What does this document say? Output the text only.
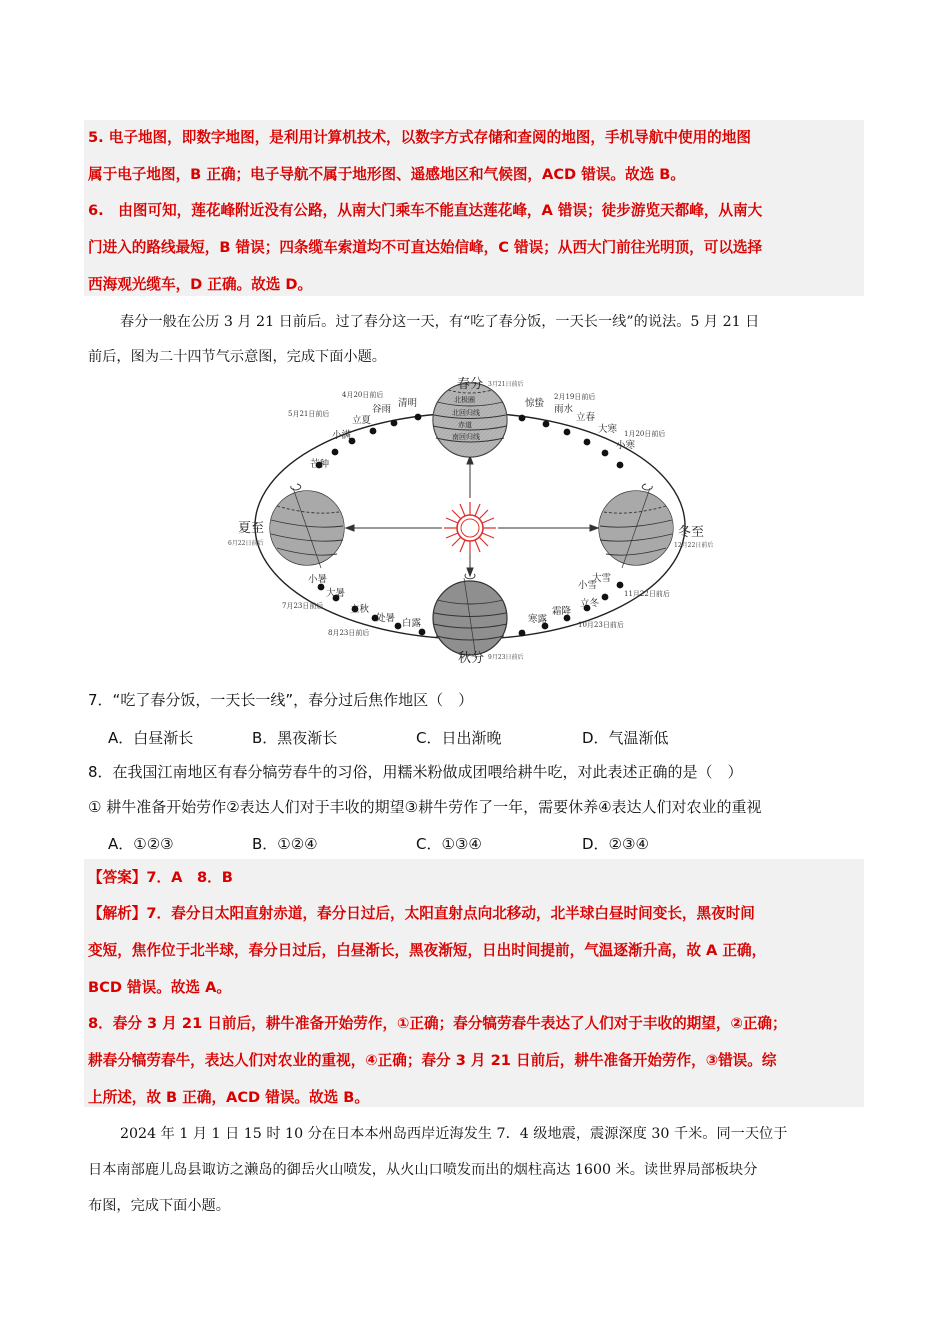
5. 电子地图，即数字地图，是利用计算机技术，以数字方式存储和查阅的地图，手机导航中使用的地图
属于电子地图，B 正确；电子导航不属于地形图、遥感地区和气候图，ACD 错误。故选 B。
6.　由图可知，莲花峰附近没有公路，从南大门乘车不能直达莲花峰，A 错误；徒步游览天都峰，从南大
门进入的路线最短，B 错误；四条缆车索道均不可直达始信峰，C 错误；从西大门前往光明顶，可以选择
西海观光缆车，D 正确。故选 D。
春分一般在公历 3 月 21 日前后。过了春分这一天，有“吃了春分饭，一天长一线”的说法。5 月 21 日
前后，图为二十四节气示意图，完成下面小题。
北极圈
北回归线
赤道
南回归线
春分 3月21日前后
夏至
6月22日前后
冬至
12月22日前后
秋分 9月23日前后
清明
谷雨
立夏
小满
芒种
小暑
大暑
立秋
处暑 白露	寒露
霜降
立冬
小雪
大雪
小寒
大寒
立春
雨水
惊蛰
4月20日前后
5月21日前后
7月23日前后
8月23日前后
10月23日前后
11月22日前后
1月20日前后
2月19日前后
7．“吃了春分饭，一天长一线”，春分过后焦作地区（　）
A．白昼渐长	B．黑夜渐长	C．日出渐晚	D．气温渐低
8．在我国江南地区有春分犒劳春牛的习俗，用糯米粉做成团喂给耕牛吃，对此表述正确的是（　）
① 耕牛准备开始劳作②表达人们对于丰收的期望③耕牛劳作了一年，需要休养④表达人们对农业的重视
A．①②③	B．①②④	C．①③④	D．②③④
【答案】7．A　8．B
【解析】7．春分日太阳直射赤道，春分日过后，太阳直射点向北移动，北半球白昼时间变长，黑夜时间
变短，焦作位于北半球，春分日过后，白昼渐长，黑夜渐短，日出时间提前，气温逐渐升高，故 A 正确，
BCD 错误。故选 A。
8．春分 3 月 21 日前后，耕牛准备开始劳作，①正确；春分犒劳春牛表达了人们对于丰收的期望，②正确；
耕春分犒劳春牛，表达人们对农业的重视，④正确；春分 3 月 21 日前后，耕牛准备开始劳作，③错误。综
上所述，故 B 正确，ACD 错误。故选 B。
2024 年 1 月 1 日 15 时 10 分在日本本州岛西岸近海发生 7．4 级地震，震源深度 30 千米。同一天位于
日本南部鹿儿岛县诹访之濑岛的御岳火山喷发，从火山口喷发而出的烟柱高达 1600 米。读世界局部板块分
布图，完成下面小题。
